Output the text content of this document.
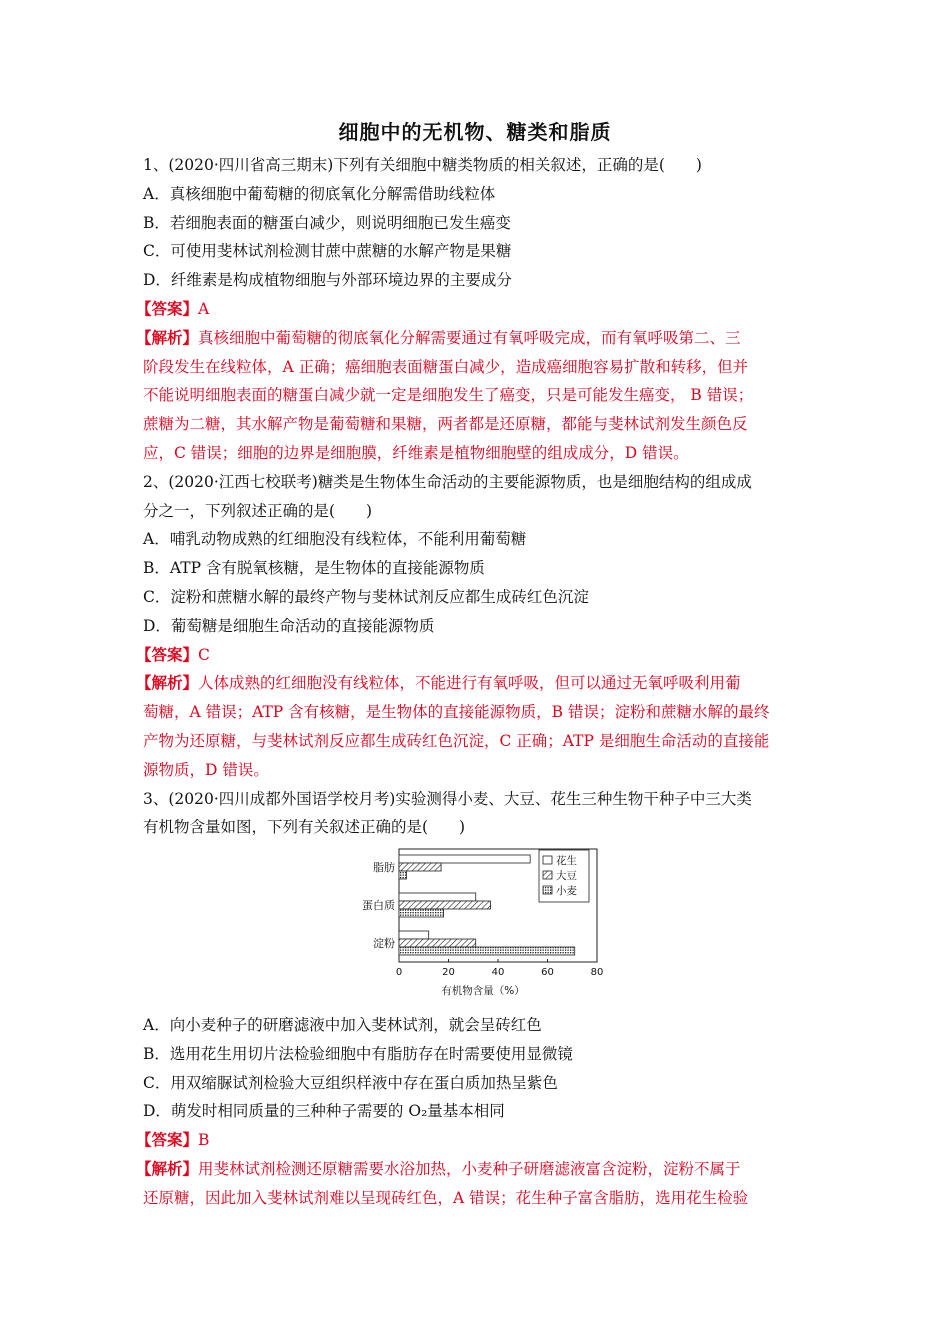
细胞中的无机物、糖类和脂质
1、(2020·四川省高三期末)下列有关细胞中糖类物质的相关叙述，正确的是(　　)
A．真核细胞中葡萄糖的彻底氧化分解需借助线粒体
B．若细胞表面的糖蛋白减少，则说明细胞已发生癌变
C．可使用斐林试剂检测甘蔗中蔗糖的水解产物是果糖
D．纤维素是构成植物细胞与外部环境边界的主要成分
【答案】A
【解析】真核细胞中葡萄糖的彻底氧化分解需要通过有氧呼吸完成，而有氧呼吸第二、三
阶段发生在线粒体，A 正确；癌细胞表面糖蛋白减少，造成癌细胞容易扩散和转移，但并
不能说明细胞表面的糖蛋白减少就一定是细胞发生了癌变，只是可能发生癌变， B 错误；
蔗糖为二糖，其水解产物是葡萄糖和果糖，两者都是还原糖，都能与斐林试剂发生颜色反
应，C 错误；细胞的边界是细胞膜，纤维素是植物细胞壁的组成成分，D 错误。
2、(2020·江西七校联考)糖类是生物体生命活动的主要能源物质，也是细胞结构的组成成
分之一，下列叙述正确的是(　　)
A．哺乳动物成熟的红细胞没有线粒体，不能利用葡萄糖
B．ATP 含有脱氧核糖，是生物体的直接能源物质
C．淀粉和蔗糖水解的最终产物与斐林试剂反应都生成砖红色沉淀
D．葡萄糖是细胞生命活动的直接能源物质
【答案】C
【解析】人体成熟的红细胞没有线粒体，不能进行有氧呼吸，但可以通过无氧呼吸利用葡
萄糖，A 错误；ATP 含有核糖，是生物体的直接能源物质，B 错误；淀粉和蔗糖水解的最终
产物为还原糖，与斐林试剂反应都生成砖红色沉淀，C 正确；ATP 是细胞生命活动的直接能
源物质，D 错误。
3、(2020·四川成都外国语学校月考)实验测得小麦、大豆、花生三种生物干种子中三大类
有机物含量如图，下列有关叙述正确的是(　　)
脂肪
蛋白质
淀粉
0	20	40	60	80
有机物含量（%）
花生
大豆
小麦
A．向小麦种子的研磨滤液中加入斐林试剂，就会呈砖红色
B．选用花生用切片法检验细胞中有脂肪存在时需要使用显微镜
C．用双缩脲试剂检验大豆组织样液中存在蛋白质加热呈紫色
D．萌发时相同质量的三种种子需要的 O₂量基本相同
【答案】B
【解析】用斐林试剂检测还原糖需要水浴加热，小麦种子研磨滤液富含淀粉，淀粉不属于
还原糖，因此加入斐林试剂难以呈现砖红色，A 错误；花生种子富含脂肪，选用花生检验
